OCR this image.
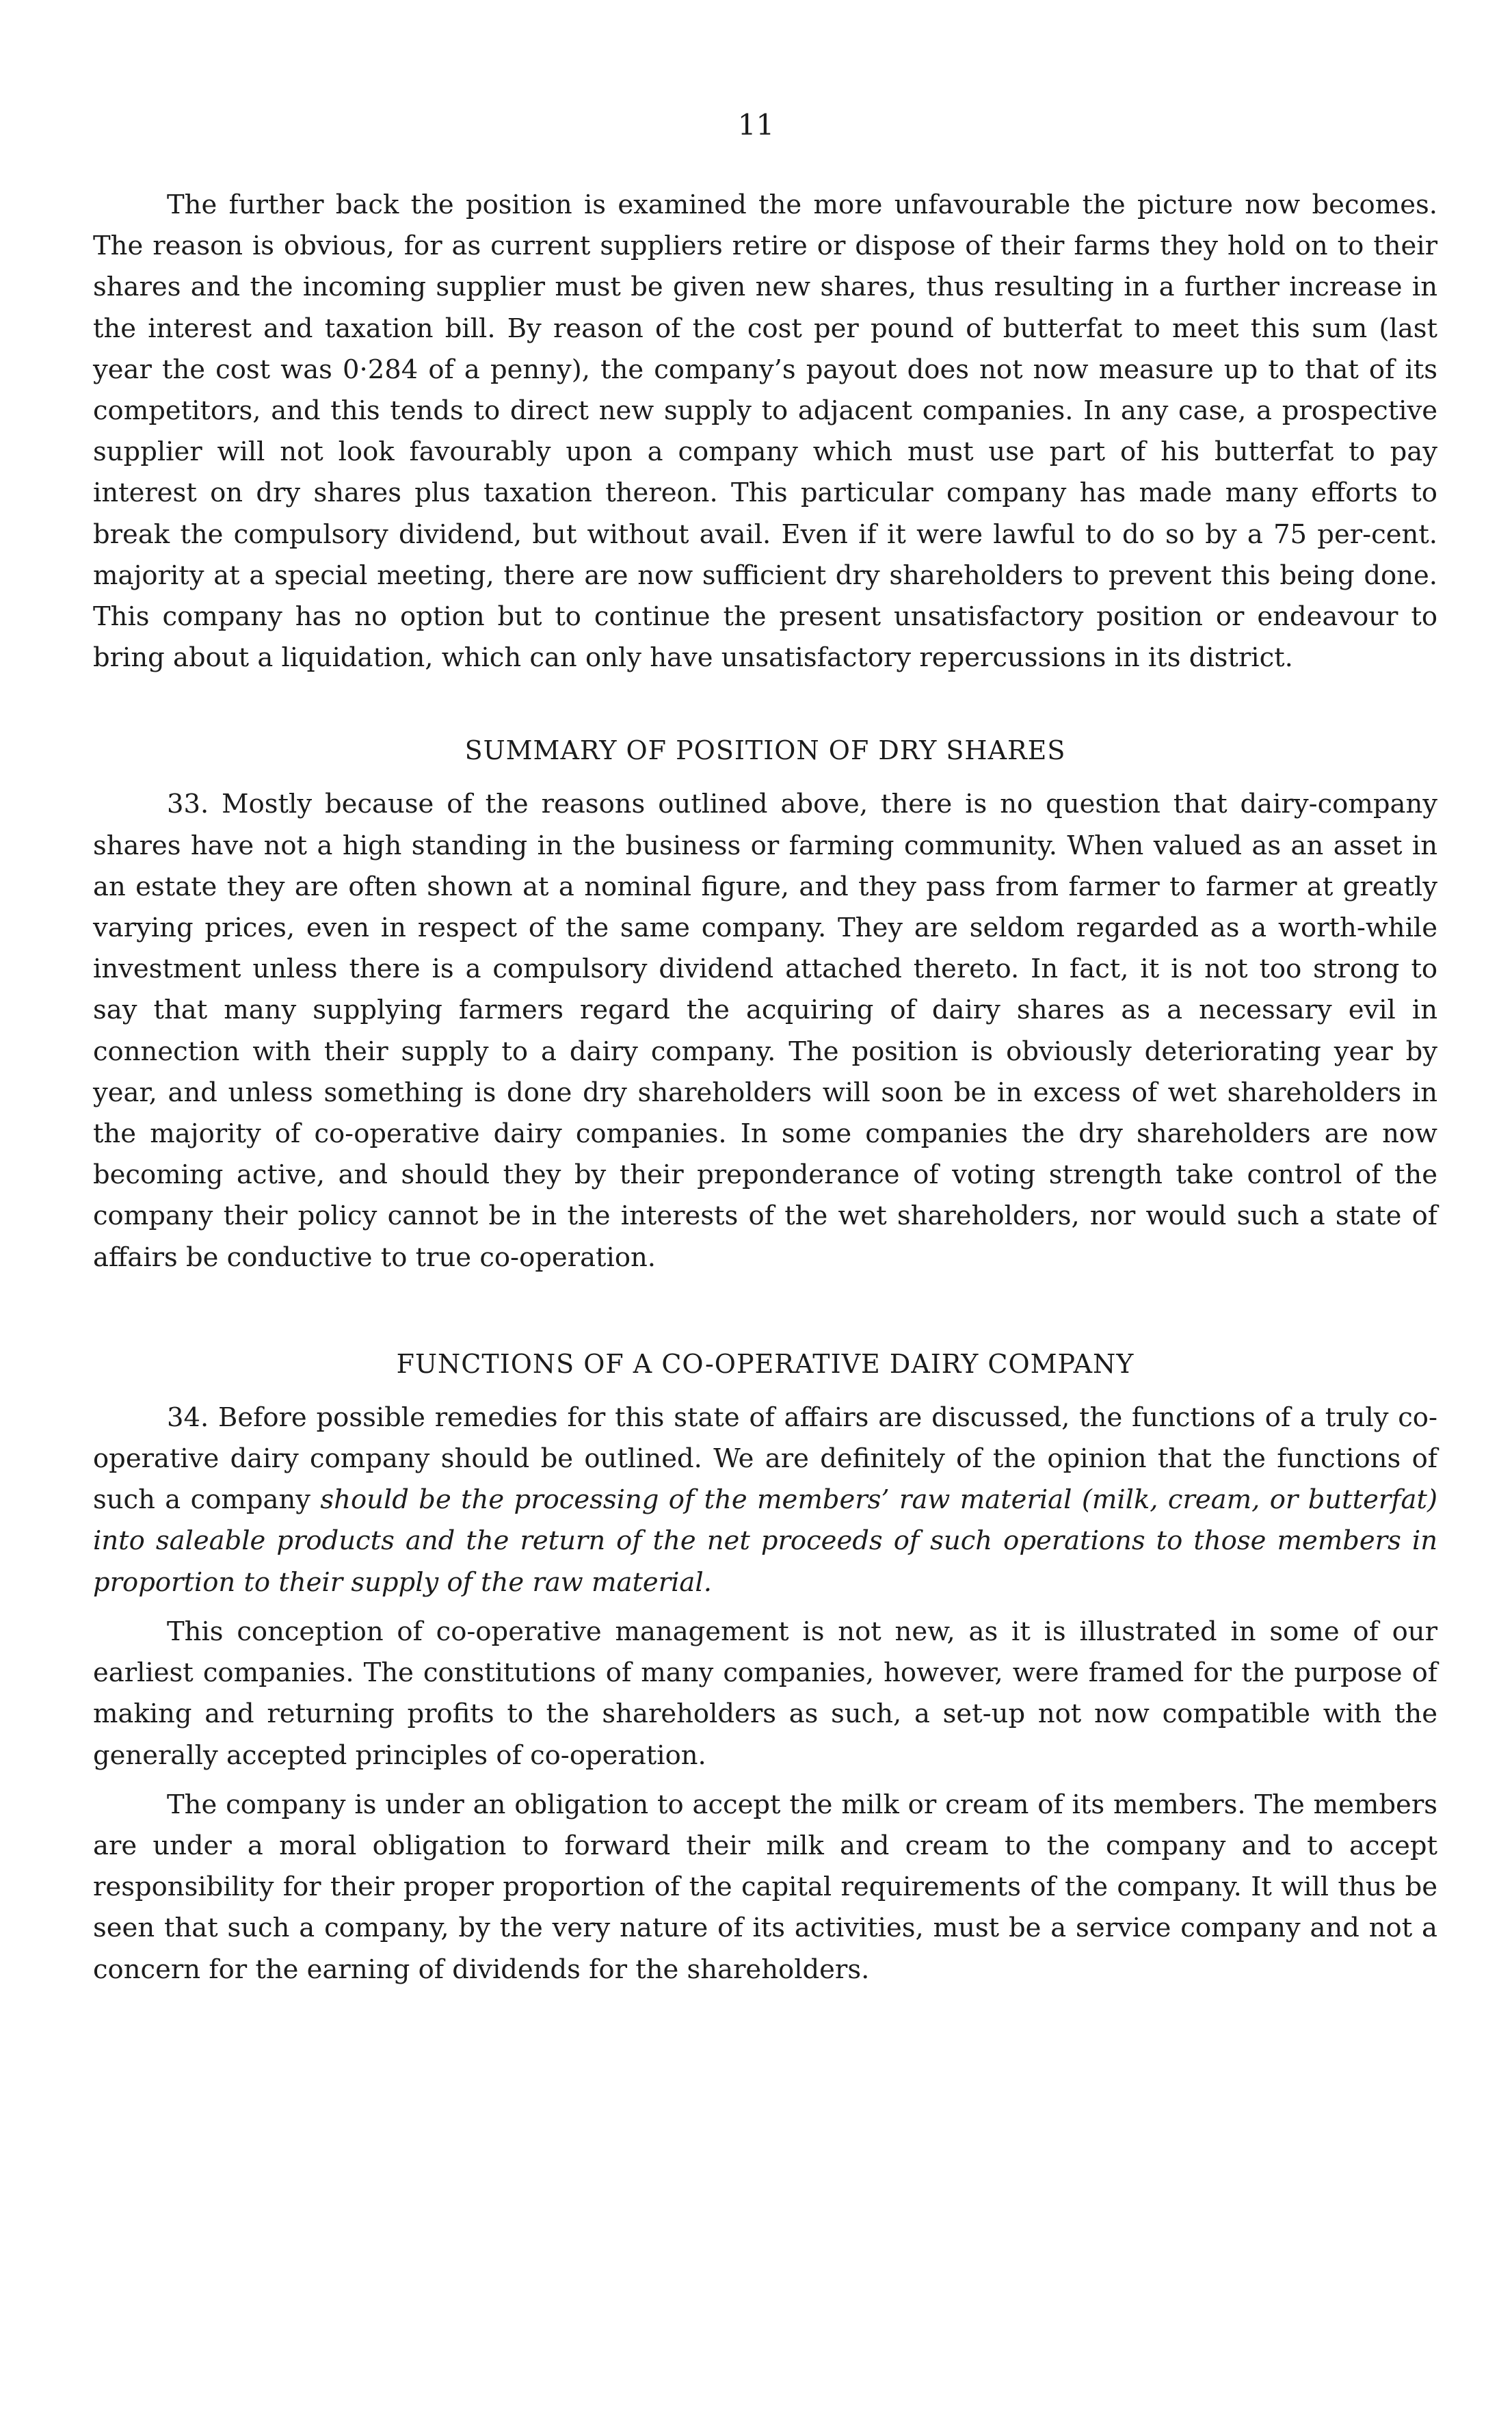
11

The further back the position is examined the more unfavourable the picture now becomes. The reason is obvious, for as current suppliers retire or dispose of their farms they hold on to their shares and the incoming supplier must be given new shares, thus resulting in a further increase in the interest and taxation bill. By reason of the cost per pound of butterfat to meet this sum (last year the cost was 0·284 of a penny), the company’s payout does not now measure up to that of its competitors, and this tends to direct new supply to adjacent companies. In any case, a prospective supplier will not look favourably upon a company which must use part of his butterfat to pay interest on dry shares plus taxation thereon. This particular company has made many efforts to break the compulsory dividend, but without avail. Even if it were lawful to do so by a 75 per-cent. majority at a special meeting, there are now sufficient dry shareholders to prevent this being done. This company has no option but to continue the present unsatisfactory position or endeavour to bring about a liquidation, which can only have unsatisfactory repercussions in its district.

SUMMARY OF POSITION OF DRY SHARES

33. Mostly because of the reasons outlined above, there is no question that dairy-company shares have not a high standing in the business or farming community. When valued as an asset in an estate they are often shown at a nominal figure, and they pass from farmer to farmer at greatly varying prices, even in respect of the same company. They are seldom regarded as a worth-while investment unless there is a compulsory dividend attached thereto. In fact, it is not too strong to say that many supplying farmers regard the acquiring of dairy shares as a necessary evil in connection with their supply to a dairy company. The position is obviously deteriorating year by year, and unless something is done dry shareholders will soon be in excess of wet shareholders in the majority of co-operative dairy companies. In some companies the dry shareholders are now becoming active, and should they by their preponderance of voting strength take control of the company their policy cannot be in the interests of the wet shareholders, nor would such a state of affairs be conductive to true co-operation.

FUNCTIONS OF A CO-OPERATIVE DAIRY COMPANY

34. Before possible remedies for this state of affairs are discussed, the functions of a truly co-operative dairy company should be outlined. We are definitely of the opinion that the functions of such a company should be the processing of the members’ raw material (milk, cream, or butterfat) into saleable products and the return of the net proceeds of such operations to those members in proportion to their supply of the raw material.

This conception of co-operative management is not new, as it is illustrated in some of our earliest companies. The constitutions of many companies, however, were framed for the purpose of making and returning profits to the shareholders as such, a set-up not now compatible with the generally accepted principles of co-operation.

The company is under an obligation to accept the milk or cream of its members. The members are under a moral obligation to forward their milk and cream to the company and to accept responsibility for their proper proportion of the capital requirements of the company. It will thus be seen that such a company, by the very nature of its activities, must be a service company and not a concern for the earning of dividends for the shareholders.
